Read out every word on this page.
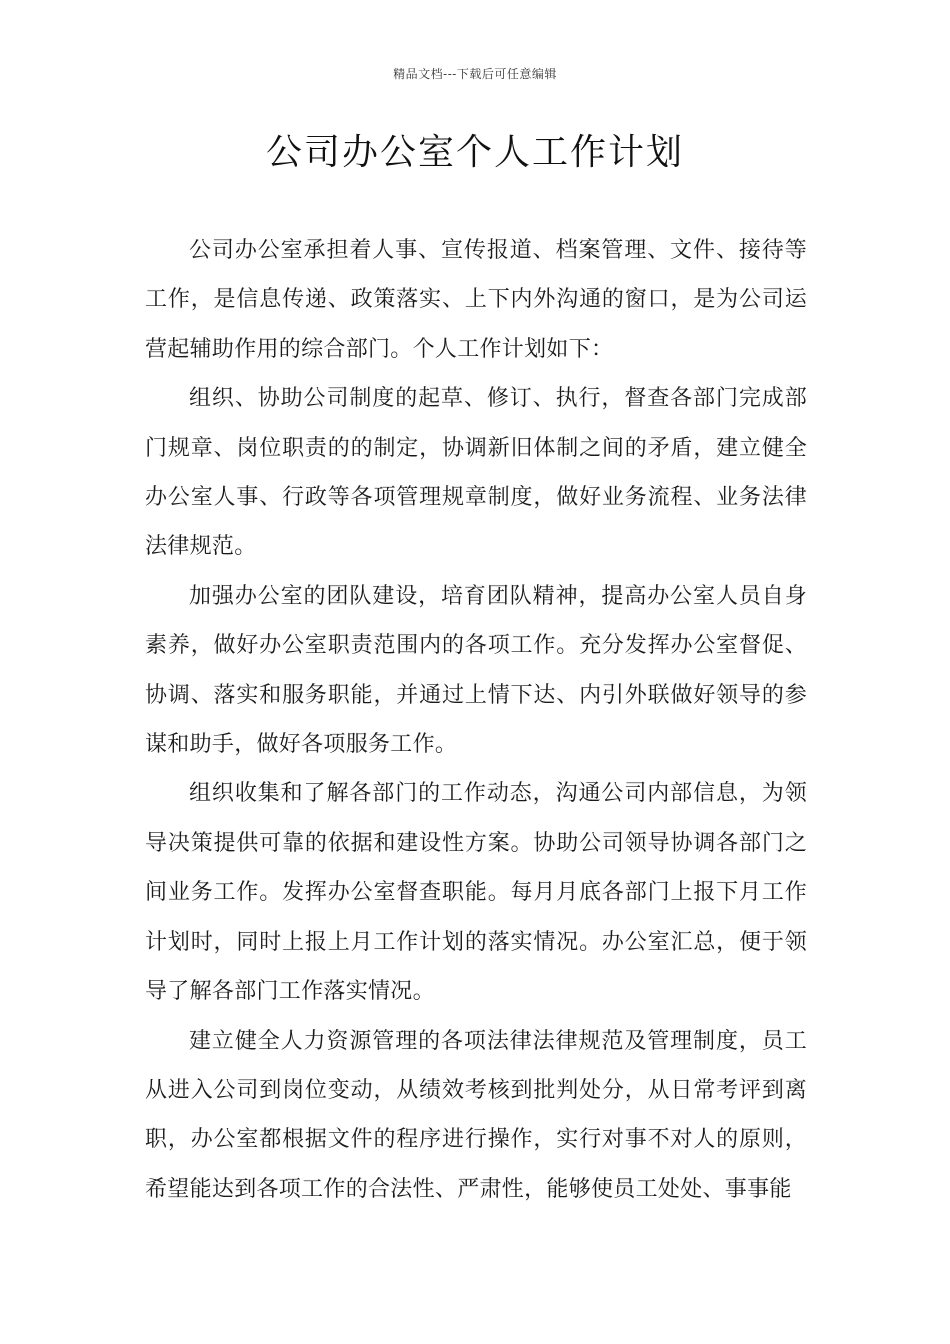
精品文档---下载后可任意编辑
公司办公室个人工作计划

公司办公室承担着人事、宣传报道、档案管理、文件、接待等工作，是信息传递、政策落实、上下内外沟通的窗口，是为公司运营起辅助作用的综合部门。个人工作计划如下：

组织、协助公司制度的起草、修订、执行，督查各部门完成部门规章、岗位职责的的制定，协调新旧体制之间的矛盾，建立健全办公室人事、行政等各项管理规章制度，做好业务流程、业务法律法律规范。

加强办公室的团队建设，培育团队精神，提高办公室人员自身素养，做好办公室职责范围内的各项工作。充分发挥办公室督促、协调、落实和服务职能，并通过上情下达、内引外联做好领导的参谋和助手，做好各项服务工作。

组织收集和了解各部门的工作动态，沟通公司内部信息，为领导决策提供可靠的依据和建设性方案。协助公司领导协调各部门之间业务工作。发挥办公室督查职能。每月月底各部门上报下月工作计划时，同时上报上月工作计划的落实情况。办公室汇总，便于领导了解各部门工作落实情况。

建立健全人力资源管理的各项法律法律规范及管理制度，员工从进入公司到岗位变动，从绩效考核到批判处分，从日常考评到离职，办公室都根据文件的程序进行操作，实行对事不对人的原则，希望能达到各项工作的合法性、严肃性，能够使员工处处、事事能
